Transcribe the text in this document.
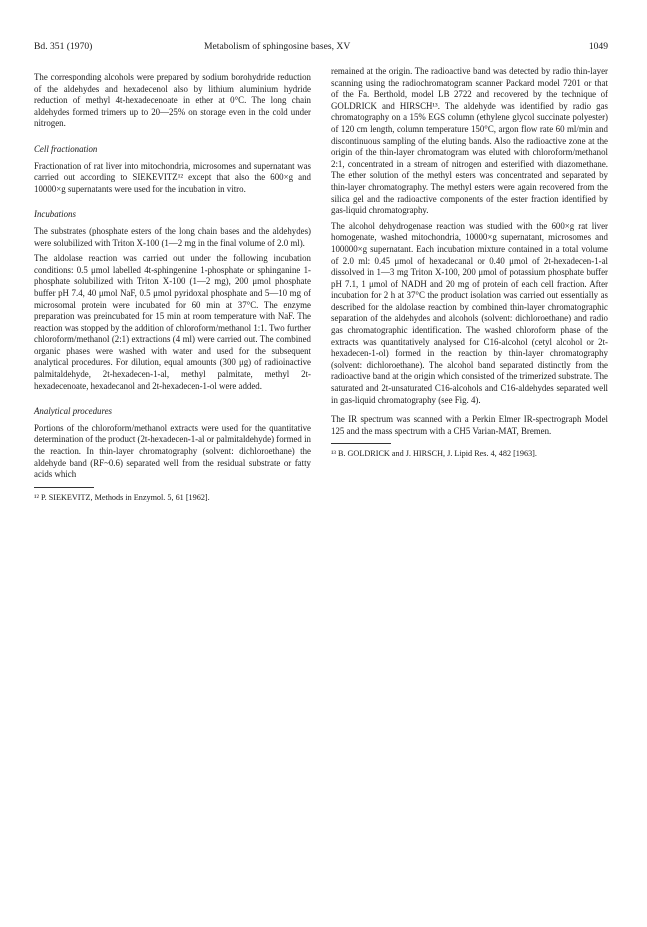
Bd. 351 (1970)	Metabolism of sphingosine bases, XV	1049

The corresponding alcohols were prepared by sodium borohydride reduction of the aldehydes and hexadecenol also by lithium aluminium hydride reduction of methyl 4t-hexadecenoate in ether at 0°C. The long chain aldehydes formed trimers up to 20—25% on storage even in the cold under nitrogen.

Cell fractionation

Fractionation of rat liver into mitochondria, microsomes and supernatant was carried out according to SIEKEVITZ¹² except that also the 600×g and 10000×g supernatants were used for the incubation in vitro.

Incubations

The substrates (phosphate esters of the long chain bases and the aldehydes) were solubilized with Triton X-100 (1—2 mg in the final volume of 2.0 ml).

The aldolase reaction was carried out under the following incubation conditions: 0.5 μmol labelled 4t-sphingenine 1-phosphate or sphinganine 1-phosphate solubilized with Triton X-100 (1—2 mg), 200 μmol phosphate buffer pH 7.4, 40 μmol NaF, 0.5 μmol pyridoxal phosphate and 5—10 mg of microsomal protein were incubated for 60 min at 37°C. The enzyme preparation was preincubated for 15 min at room temperature with NaF. The reaction was stopped by the addition of chloroform/methanol 1:1. Two further chloroform/methanol (2:1) extractions (4 ml) were carried out. The combined organic phases were washed with water and used for the subsequent analytical procedures. For dilution, equal amounts (300 μg) of radioinactive palmitaldehyde, 2t-hexadecen-1-al, methyl palmitate, methyl 2t-hexadecenoate, hexadecanol and 2t-hexadecen-1-ol were added.

Analytical procedures

Portions of the chloroform/methanol extracts were used for the quantitative determination of the product (2t-hexadecen-1-al or palmitaldehyde) formed in the reaction. In thin-layer chromatography (solvent: dichloroethane) the aldehyde band (RF~0.6) separated well from the residual substrate or fatty acids which

¹² P. SIEKEVITZ, Methods in Enzymol. 5, 61 [1962].

remained at the origin. The radioactive band was detected by radio thin-layer scanning using the radiochromatogram scanner Packard model 7201 or that of the Fa. Berthold, model LB 2722 and recovered by the technique of GOLDRICK and HIRSCH¹³. The aldehyde was identified by radio gas chromatography on a 15% EGS column (ethylene glycol succinate polyester) of 120 cm length, column temperature 150°C, argon flow rate 60 ml/min and discontinuous sampling of the eluting bands. Also the radioactive zone at the origin of the thin-layer chromatogram was eluted with chloroform/methanol 2:1, concentrated in a stream of nitrogen and esterified with diazomethane. The ether solution of the methyl esters was concentrated and separated by thin-layer chromatography. The methyl esters were again recovered from the silica gel and the radioactive components of the ester fraction identified by gas-liquid chromatography.

The alcohol dehydrogenase reaction was studied with the 600×g rat liver homogenate, washed mitochondria, 10000×g supernatant, microsomes and 100000×g supernatant. Each incubation mixture contained in a total volume of 2.0 ml: 0.45 μmol of hexadecanal or 0.40 μmol of 2t-hexadecen-1-al dissolved in 1—3 mg Triton X-100, 200 μmol of potassium phosphate buffer pH 7.1, 1 μmol of NADH and 20 mg of protein of each cell fraction. After incubation for 2 h at 37°C the product isolation was carried out essentially as described for the aldolase reaction by combined thin-layer chromatographic separation of the aldehydes and alcohols (solvent: dichloroethane) and radio gas chromatographic identification. The washed chloroform phase of the extracts was quantitatively analysed for C16-alcohol (cetyl alcohol or 2t-hexadecen-1-ol) formed in the reaction by thin-layer chromatography (solvent: dichloroethane). The alcohol band separated distinctly from the radioactive band at the origin which consisted of the trimerized substrate. The saturated and 2t-unsaturated C16-alcohols and C16-aldehydes separated well in gas-liquid chromatography (see Fig. 4).

The IR spectrum was scanned with a Perkin Elmer IR-spectrograph Model 125 and the mass spectrum with a CH5 Varian-MAT, Bremen.

¹³ B. GOLDRICK and J. HIRSCH, J. Lipid Res. 4, 482 [1963].
